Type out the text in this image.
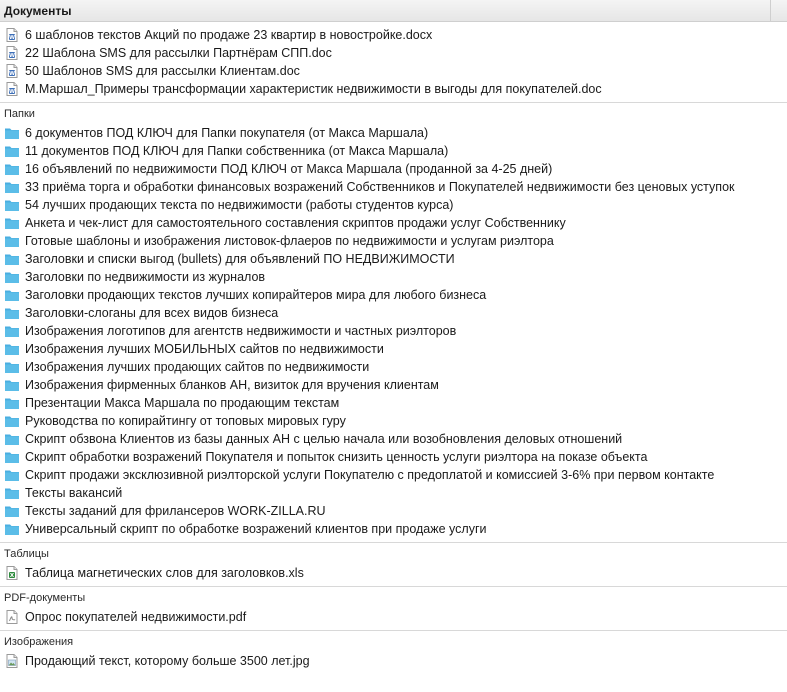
Документы
W 6 шаблонов текстов Акций по продаже 23 квартир в новостройке.docx
W 22 Шаблона SMS для рассылки Партнёрам СПП.doc
W 50 Шаблонов SMS для рассылки Клиентам.doc
W М.Маршал_Примеры трансформации характеристик недвижимости в выгоды для покупателей.doc
Папки
6 документов ПОД КЛЮЧ для Папки покупателя (от Макса Маршала)
11 документов ПОД КЛЮЧ для Папки собственника (от Макса Маршала)
16 объявлений по недвижимости ПОД КЛЮЧ от Макса Маршала (проданной за 4-25 дней)
33 приёма торга и обработки финансовых возражений Собственников и Покупателей недвижимости без ценовых уступок
54 лучших продающих текста по недвижимости (работы студентов курса)
Анкета и чек-лист для самостоятельного составления скриптов продажи услуг Собственнику
Готовые шаблоны и изображения листовок-флаеров по недвижимости и услугам риэлтора
Заголовки и списки выгод (bullets) для объявлений ПО НЕДВИЖИМОСТИ
Заголовки по недвижимости из журналов
Заголовки продающих текстов лучших копирайтеров мира для любого бизнеса
Заголовки-слоганы для всех видов бизнеса
Изображения логотипов для агентств недвижимости и частных риэлторов
Изображения лучших МОБИЛЬНЫХ сайтов по недвижимости
Изображения лучших продающих сайтов по недвижимости
Изображения фирменных бланков АН, визиток для вручения клиентам
Презентации Макса Маршала по продающим текстам
Руководства по копирайтингу от топовых мировых гуру
Скрипт обзвона Клиентов из базы данных АН с целью начала или возобновления деловых отношений
Скрипт обработки возражений Покупателя и попыток снизить ценность услуги риэлтора на показе объекта
Скрипт продажи эксклюзивной риэлторской услуги Покупателю с предоплатой и комиссией 3-6% при первом контакте
Тексты вакансий
Тексты заданий для фрилансеров WORK-ZILLA.RU
Универсальный скрипт по обработке возражений клиентов при продаже услуги
Таблицы
X Таблица магнетических слов для заголовков.xls
PDF-документы
Опрос покупателей недвижимости.pdf
Изображения
Продающий текст, которому больше 3500 лет.jpg
